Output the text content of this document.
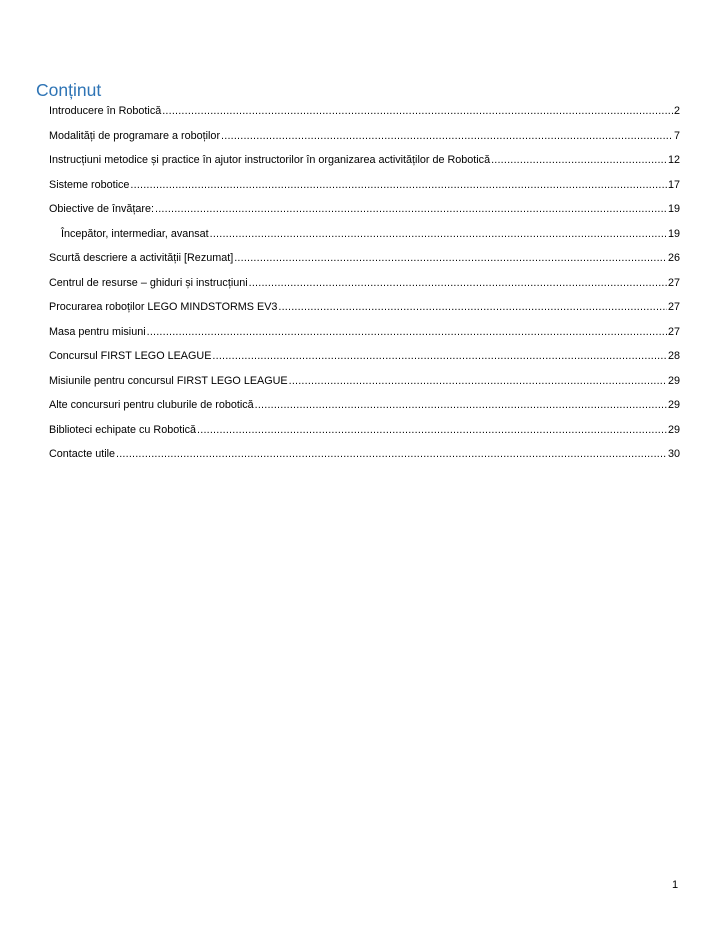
Conținut
Introducere în Robotică .....	2
Modalități de programare a roboților .....	7
Instrucțiuni metodice și practice în ajutor instructorilor în organizarea activităților de Robotică .....	12
Sisteme robotice .....	17
Obiective de învățare: .....	19
Începător, intermediar, avansat .....	19
Scurtă descriere a activității [Rezumat] .....	26
Centrul de resurse – ghiduri și instrucțiuni .....	27
Procurarea roboților LEGO MINDSTORMS EV3 .....	27
Masa pentru misiuni .....	27
Concursul FIRST LEGO LEAGUE .....	28
Misiunile pentru concursul FIRST LEGO LEAGUE .....	29
Alte concursuri pentru cluburile de robotică .....	29
Biblioteci echipate cu Robotică .....	29
Contacte utile .....	30
1
